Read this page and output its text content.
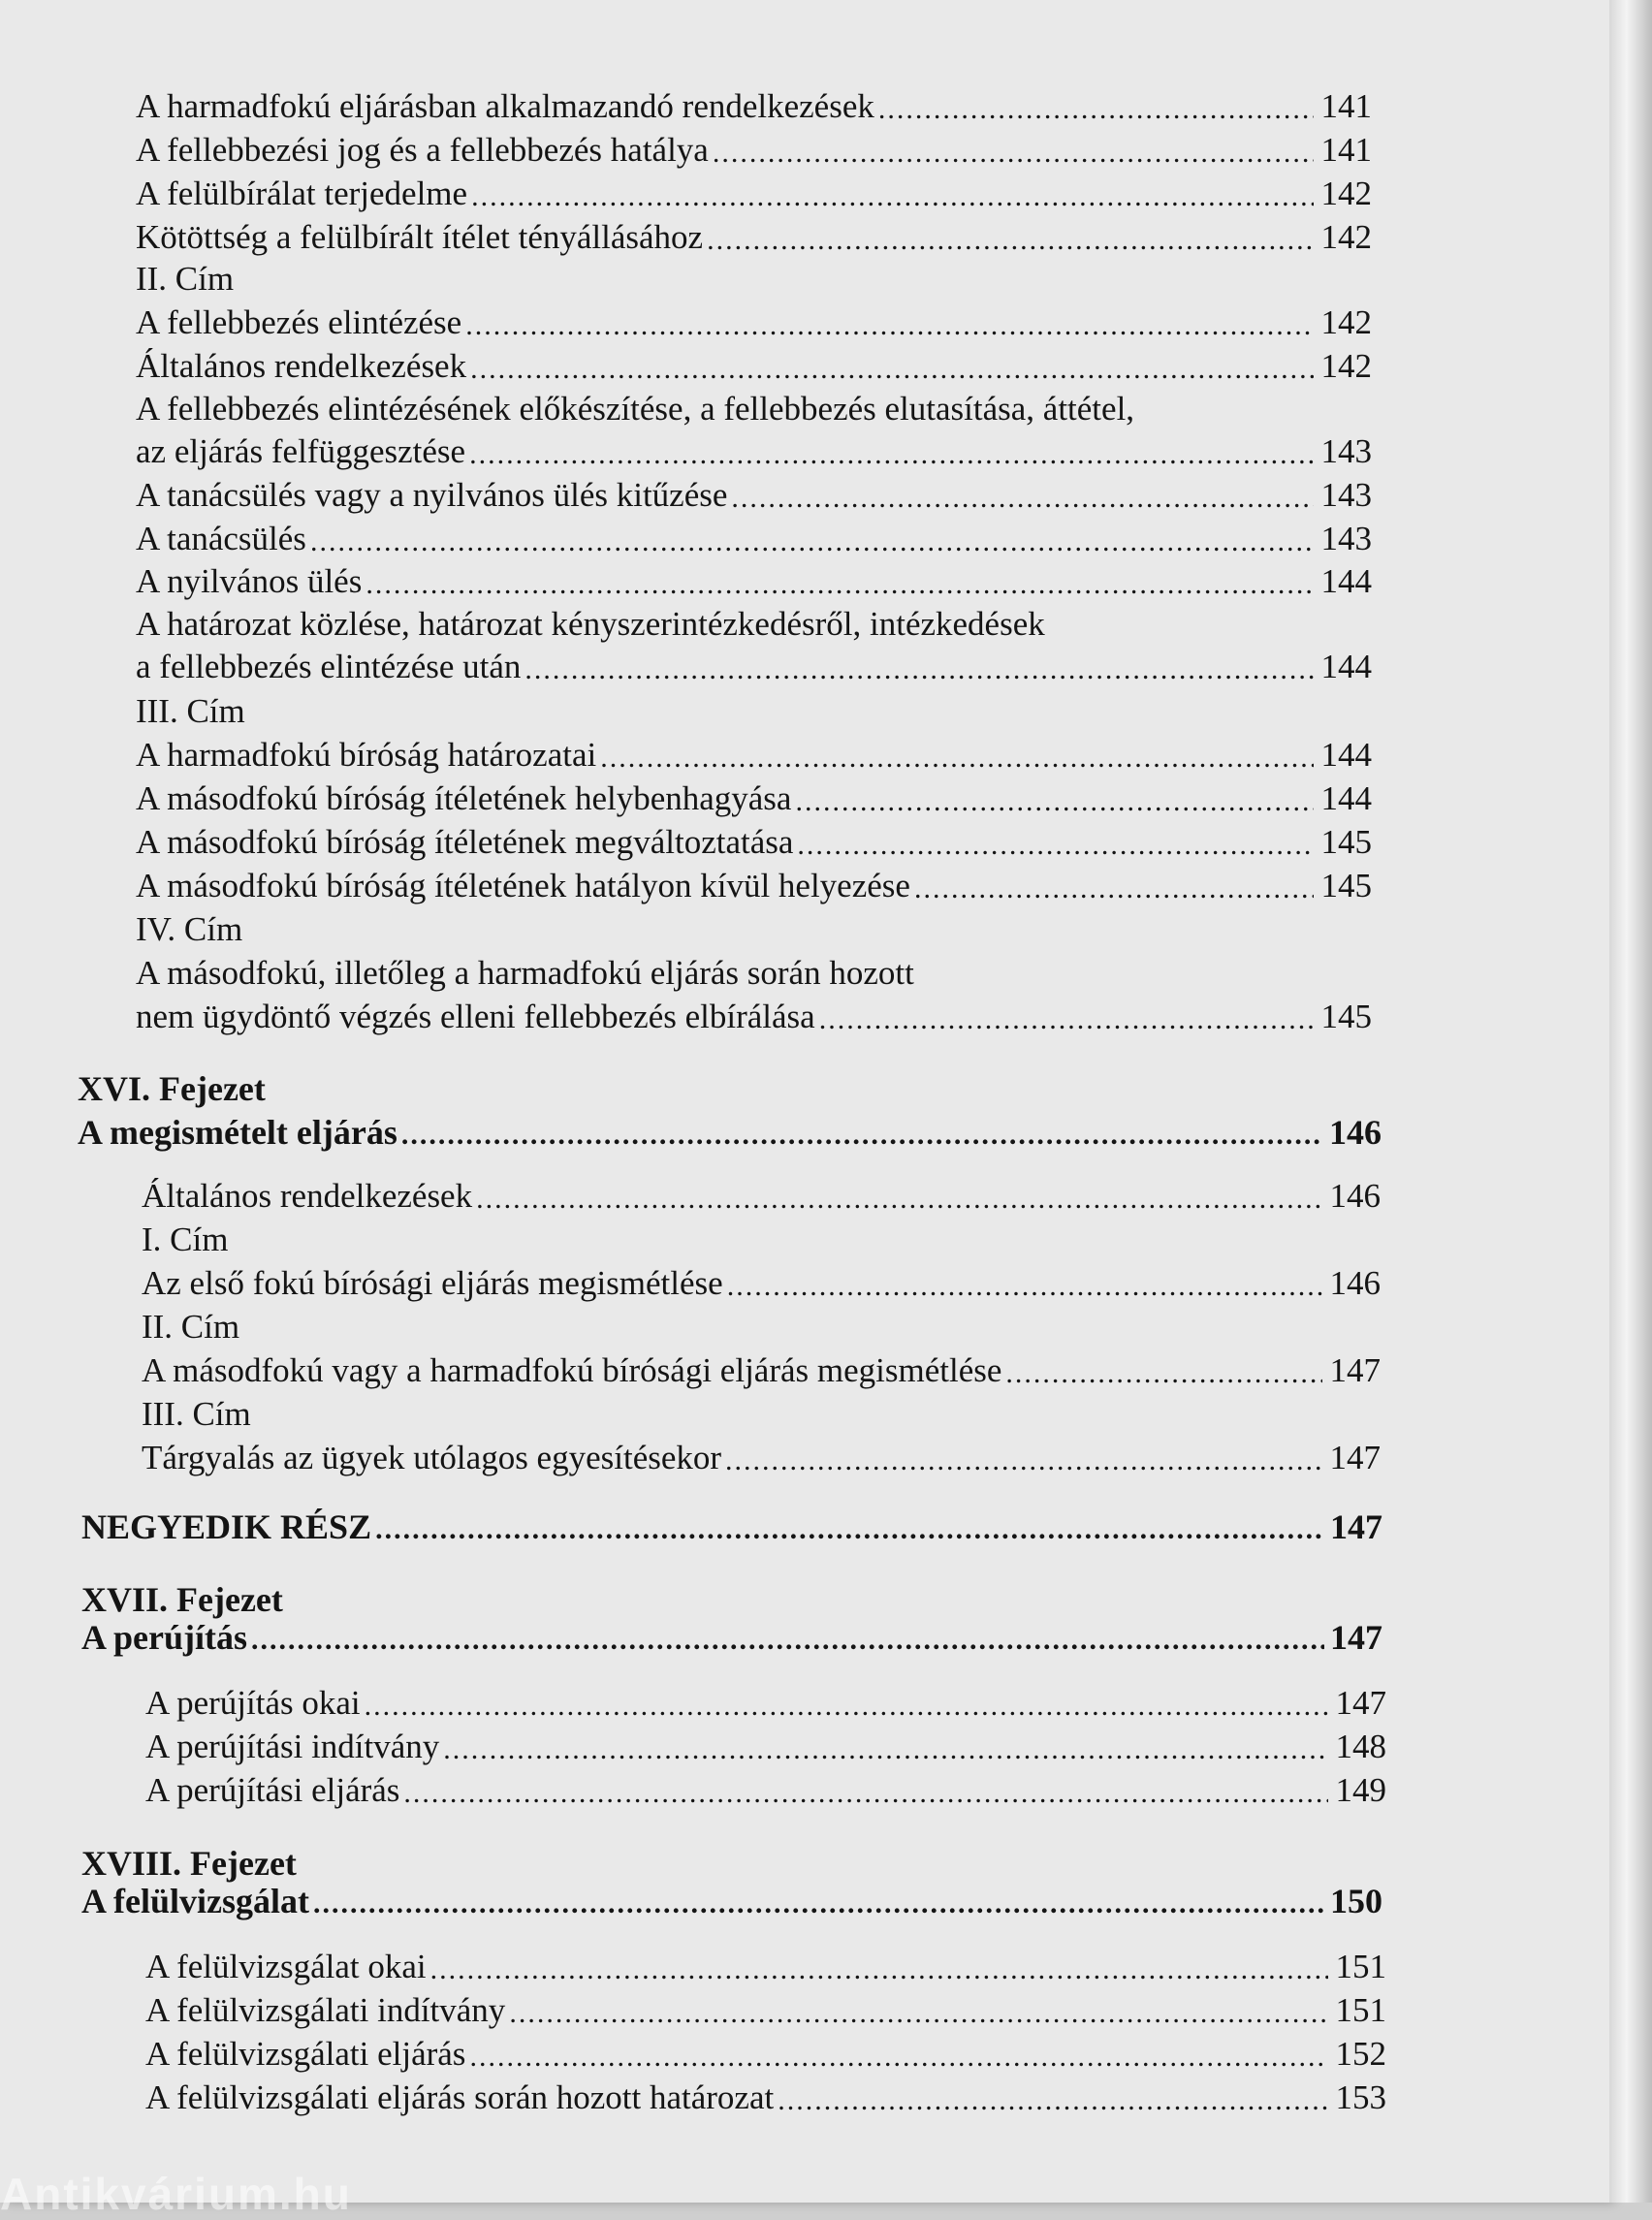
A harmadfokú eljárásban alkalmazandó rendelkezések .....	141
A fellebbezési jog és a fellebbezés hatálya .....	141
A felülbírálat terjedelme .....	142
Kötöttség a felülbírált ítélet tényállásához .....	142
II. Cím
A fellebbezés elintézése .....	142
Általános rendelkezések .....	142
A fellebbezés elintézésének előkészítése, a fellebbezés elutasítása, áttétel,
az eljárás felfüggesztése .....	143
A tanácsülés vagy a nyilvános ülés kitűzése .....	143
A tanácsülés .....	143
A nyilvános ülés .....	144
A határozat közlése, határozat kényszerintézkedésről, intézkedések
a fellebbezés elintézése után .....	144
III. Cím
A harmadfokú bíróság határozatai .....	144
A másodfokú bíróság ítéletének helybenhagyása .....	144
A másodfokú bíróság ítéletének megváltoztatása .....	145
A másodfokú bíróság ítéletének hatályon kívül helyezése .....	145
IV. Cím
A másodfokú, illetőleg a harmadfokú eljárás során hozott
nem ügydöntő végzés elleni fellebbezés elbírálása .....	145
XVI. Fejezet
A megismételt eljárás .....	146
Általános rendelkezések .....	146
I. Cím
Az első fokú bírósági eljárás megismétlése .....	146
II. Cím
A másodfokú vagy a harmadfokú bírósági eljárás megismétlése .....	147
III. Cím
Tárgyalás az ügyek utólagos egyesítésekor .....	147
NEGYEDIK RÉSZ .....	147
XVII. Fejezet
A perújítás .....	147
A perújítás okai .....	147
A perújítási indítvány .....	148
A perújítási eljárás .....	149
XVIII. Fejezet
A felülvizsgálat .....	150
A felülvizsgálat okai .....	151
A felülvizsgálati indítvány .....	151
A felülvizsgálati eljárás .....	152
A felülvizsgálati eljárás során hozott határozat .....	153
Antikvárium.hu
